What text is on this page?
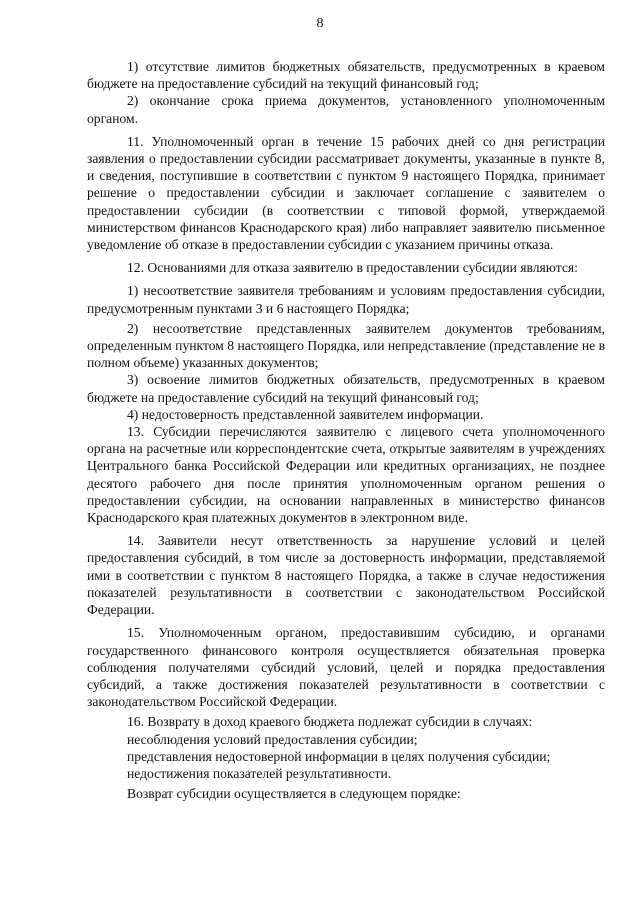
8

1) отсутствие лимитов бюджетных обязательств, предусмотренных в краевом бюджете на предоставление субсидий на текущий финансовый год;

2) окончание срока приема документов, установленного уполномоченным органом.

11. Уполномоченный орган в течение 15 рабочих дней со дня регистрации заявления о предоставлении субсидии рассматривает документы, указанные в пункте 8, и сведения, поступившие в соответствии с пунктом 9 настоящего Порядка, принимает решение о предоставлении субсидии и заключает соглашение с заявителем о предоставлении субсидии (в соответствии с типовой формой, утверждаемой министерством финансов Краснодарского края) либо направляет заявителю письменное уведомление об отказе в предоставлении субсидии с указанием причины отказа.

12. Основаниями для отказа заявителю в предоставлении субсидии являются:

1) несоответствие заявителя требованиям и условиям предоставления субсидии, предусмотренным пунктами 3 и 6 настоящего Порядка;

2) несоответствие представленных заявителем документов требованиям, определенным пунктом 8 настоящего Порядка, или непредставление (представление не в полном объеме) указанных документов;

3) освоение лимитов бюджетных обязательств, предусмотренных в краевом бюджете на предоставление субсидий на текущий финансовый год;

4) недостоверность представленной заявителем информации.

13. Субсидии перечисляются заявителю с лицевого счета уполномоченного органа на расчетные или корреспондентские счета, открытые заявителям в учреждениях Центрального банка Российской Федерации или кредитных организациях, не позднее десятого рабочего дня после принятия уполномоченным органом решения о предоставлении субсидии, на основании направленных в министерство финансов Краснодарского края платежных документов в электронном виде.

14. Заявители несут ответственность за нарушение условий и целей предоставления субсидий, в том числе за достоверность информации, представляемой ими в соответствии с пунктом 8 настоящего Порядка, а также в случае недостижения показателей результативности в соответствии с законодательством Российской Федерации.

15. Уполномоченным органом, предоставившим субсидию, и органами государственного финансового контроля осуществляется обязательная проверка соблюдения получателями субсидий условий, целей и порядка предоставления субсидий, а также достижения показателей результативности в соответствии с законодательством Российской Федерации.

16. Возврату в доход краевого бюджета подлежат субсидии в случаях:

несоблюдения условий предоставления субсидии;

представления недостоверной информации в целях получения субсидии;

недостижения показателей результативности.

Возврат субсидии осуществляется в следующем порядке:
